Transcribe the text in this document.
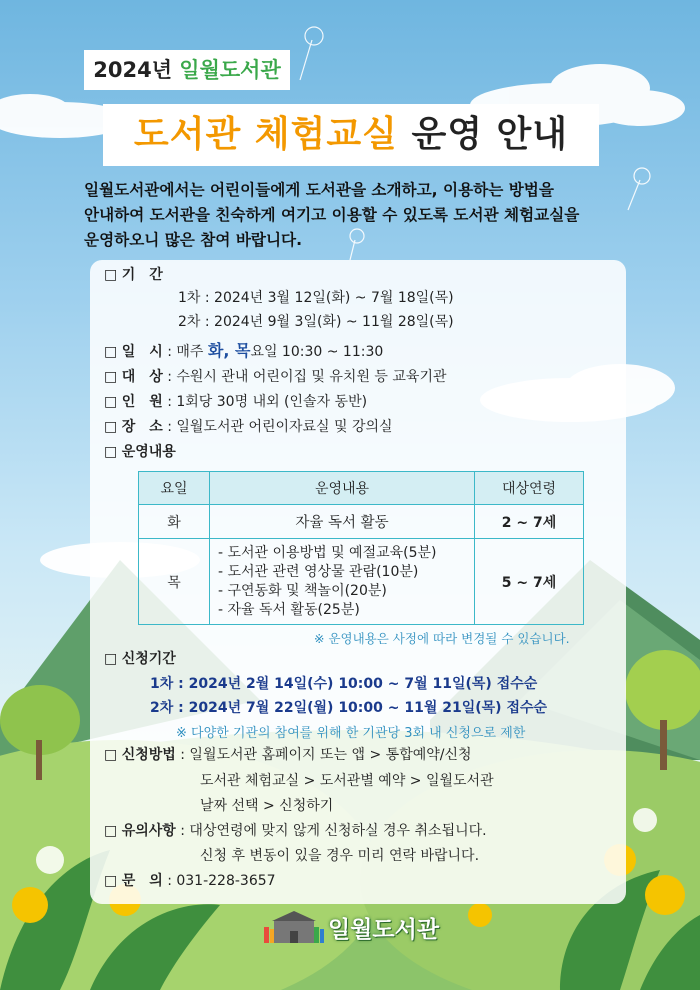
2024년 일월도서관
도서관 체험교실 운영 안내
일월도서관에서는 어린이들에게 도서관을 소개하고, 이용하는 방법을
안내하여 도서관을 친숙하게 여기고 이용할 수 있도록 도서관 체험교실을
운영하오니 많은 참여 바랍니다.
□ 기　간
1차 : 2024년 3월 12일(화) ~ 7월 18일(목)
2차 : 2024년 9월 3일(화) ~ 11월 28일(목)
□ 일　시 : 매주 화, 목요일 10:30 ~ 11:30
□ 대　상 : 수원시 관내 어린이집 및 유치원 등 교육기관
□ 인　원 : 1회당 30명 내외 (인솔자 동반)
□ 장　소 : 일월도서관 어린이자료실 및 강의실
□ 운영내용
요일	운영내용	대상연령
화	자율 독서 활동	2 ~ 7세
목	- 도서관 이용방법 및 예절교육(5분)
- 도서관 관련 영상물 관람(10분)
- 구연동화 및 책놀이(20분)
- 자율 독서 활동(25분)	5 ~ 7세
※ 운영내용은 사정에 따라 변경될 수 있습니다.
□ 신청기간
1차 : 2024년 2월 14일(수) 10:00 ~ 7월 11일(목) 접수순
2차 : 2024년 7월 22일(월) 10:00 ~ 11월 21일(목) 접수순
※ 다양한 기관의 참여를 위해 한 기관당 3회 내 신청으로 제한
□ 신청방법 : 일월도서관 홈페이지 또는 앱 > 통합예약/신청
도서관 체험교실 > 도서관별 예약 > 일월도서관
날짜 선택 > 신청하기
□ 유의사항 : 대상연령에 맞지 않게 신청하실 경우 취소됩니다.
신청 후 변동이 있을 경우 미리 연락 바랍니다.
□ 문　의 : 031-228-3657
일월도서관
